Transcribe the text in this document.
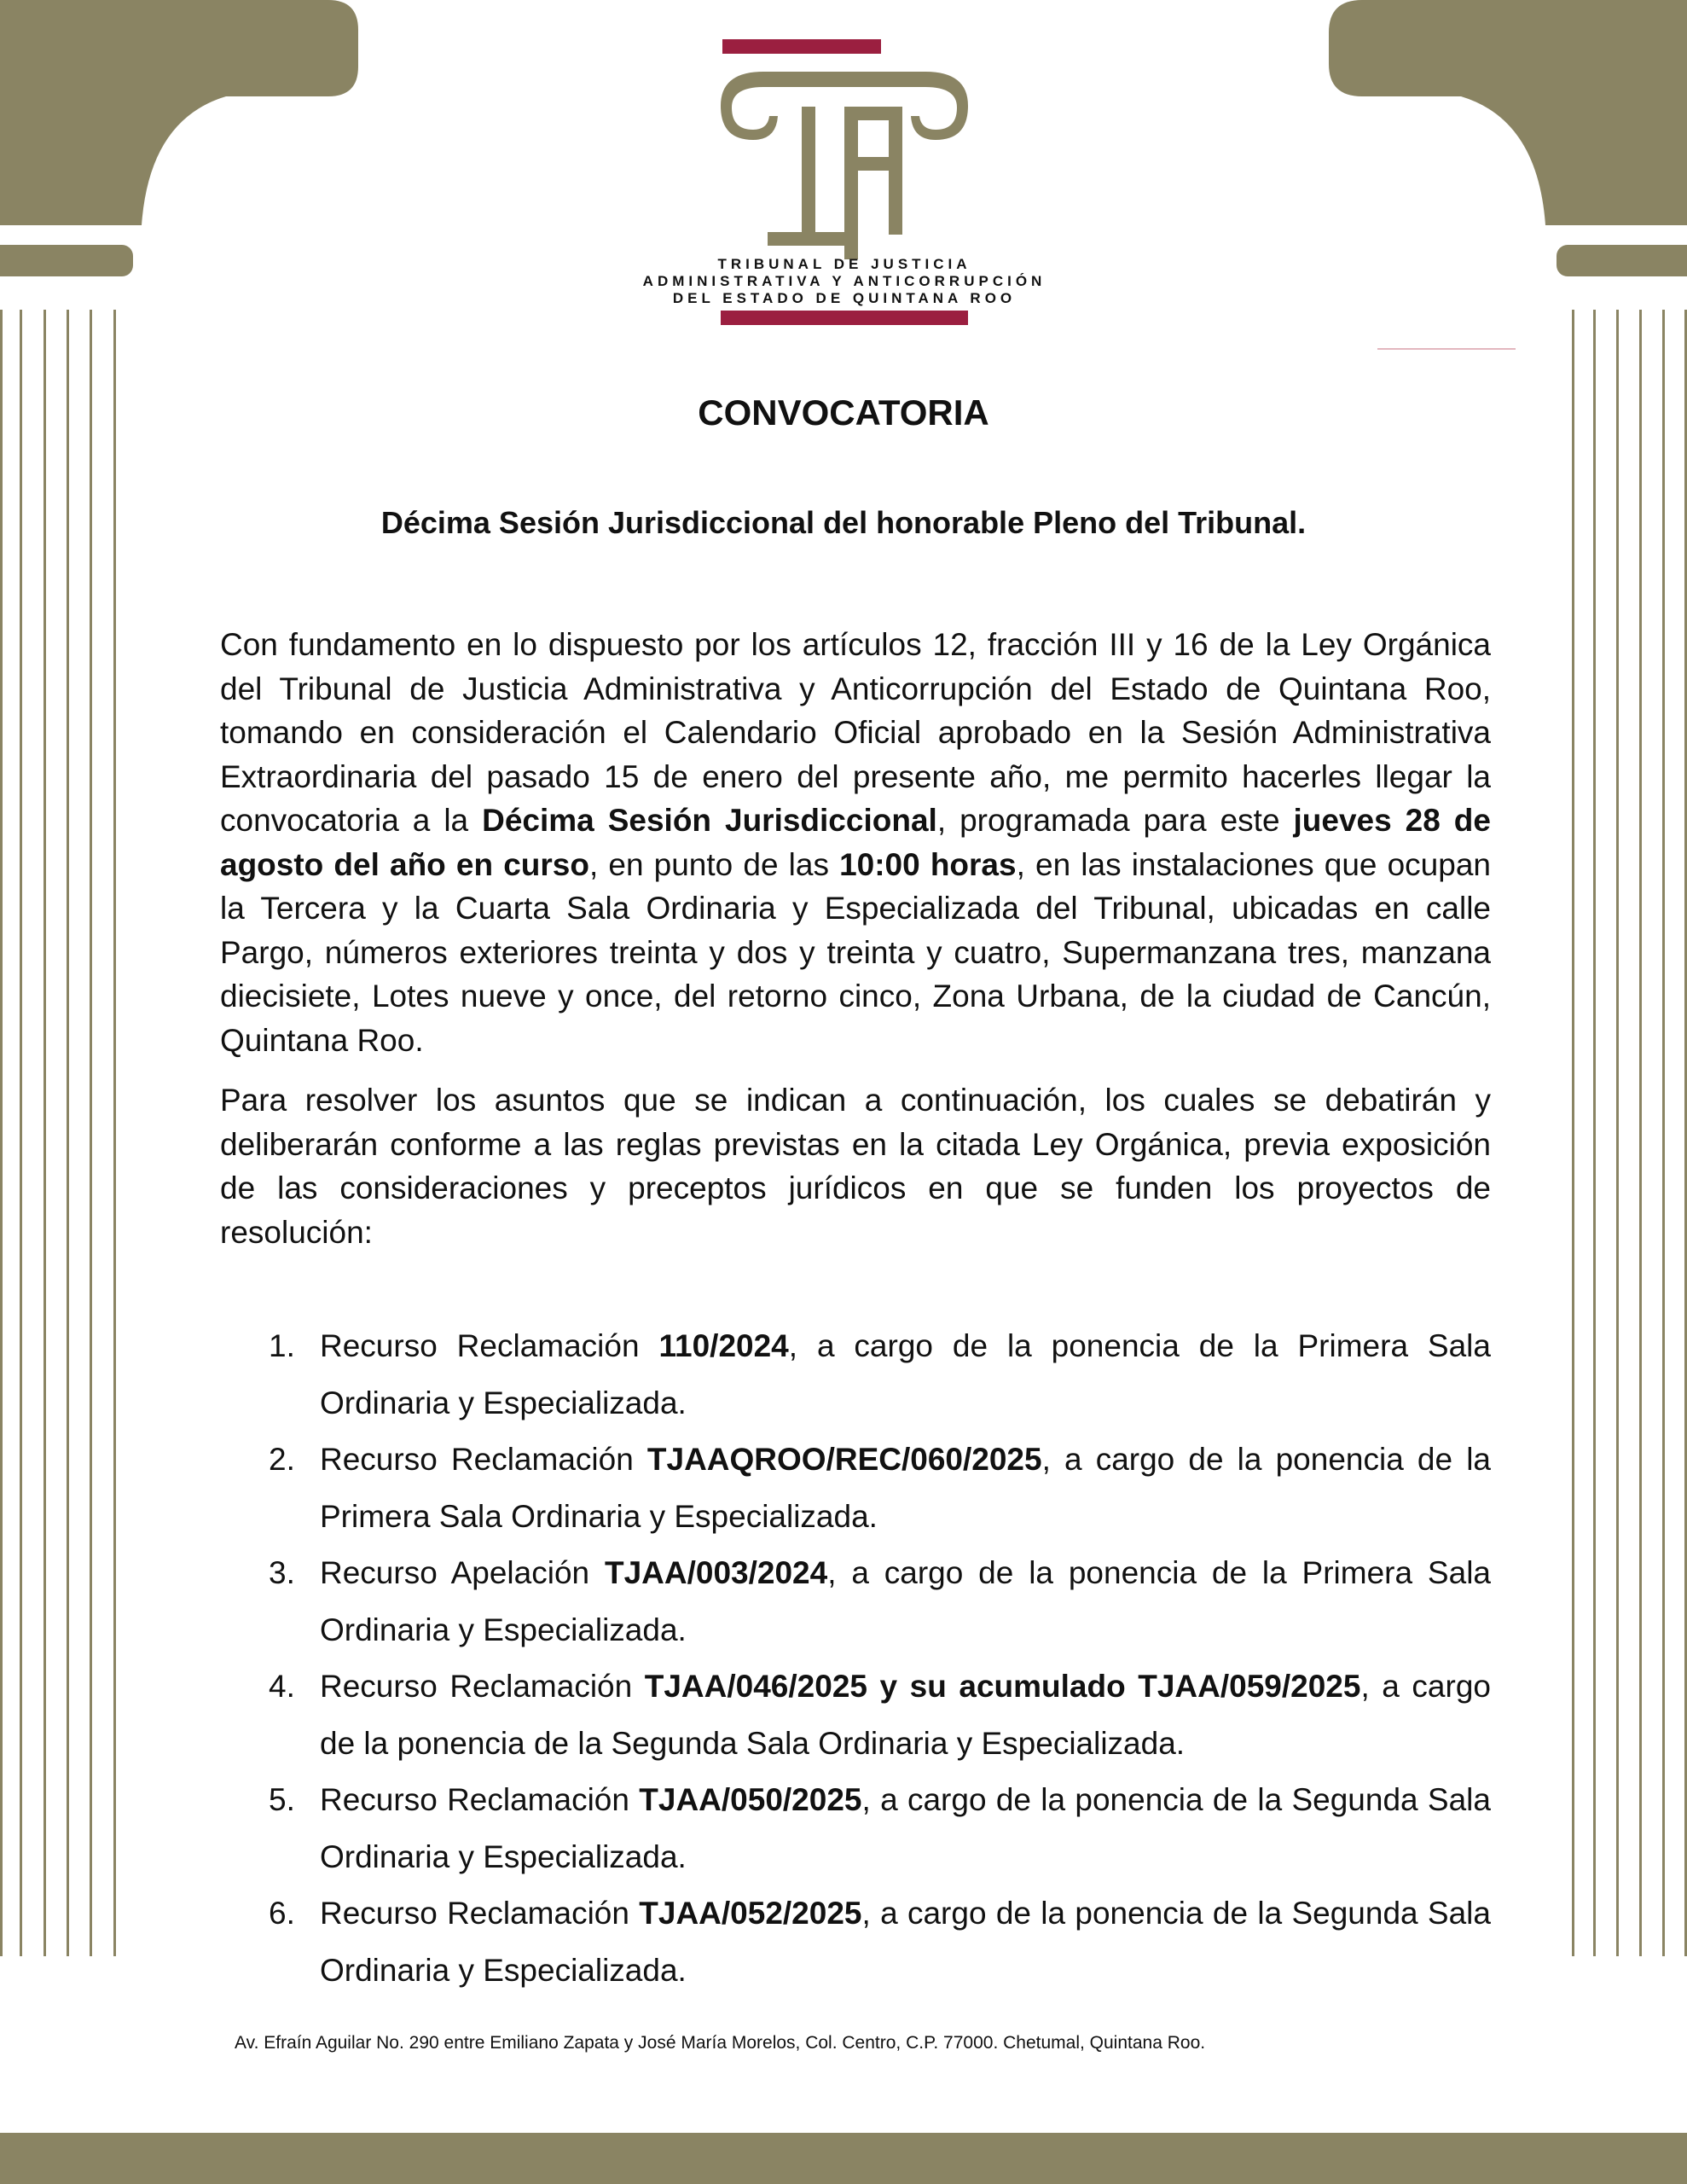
TRIBUNAL DE JUSTICIA
ADMINISTRATIVA Y ANTICORRUPCIÓN
DEL ESTADO DE QUINTANA ROO
CONVOCATORIA
Décima Sesión Jurisdiccional del honorable Pleno del Tribunal.

Con fundamento en lo dispuesto por los artículos 12, fracción III y 16 de la Ley Orgánica del Tribunal de Justicia Administrativa y Anticorrupción del Estado de Quintana Roo, tomando en consideración el Calendario Oficial aprobado en la Sesión Administrativa Extraordinaria del pasado 15 de enero del presente año, me permito hacerles llegar la convocatoria a la Décima Sesión Jurisdiccional, programada para este jueves 28 de agosto del año en curso, en punto de las 10:00 horas, en las instalaciones que ocupan la Tercera y la Cuarta Sala Ordinaria y Especializada del Tribunal, ubicadas en calle Pargo, números exteriores treinta y dos y treinta y cuatro, Supermanzana tres, manzana diecisiete, Lotes nueve y once, del retorno cinco, Zona Urbana, de la ciudad de Cancún, Quintana Roo.

Para resolver los asuntos que se indican a continuación, los cuales se debatirán y deliberarán conforme a las reglas previstas en la citada Ley Orgánica, previa exposición de las consideraciones y preceptos jurídicos en que se funden los proyectos de resolución:

1. Recurso Reclamación 110/2024, a cargo de la ponencia de la Primera Sala Ordinaria y Especializada.
2. Recurso Reclamación TJAAQROO/REC/060/2025, a cargo de la ponencia de la Primera Sala Ordinaria y Especializada.
3. Recurso Apelación TJAA/003/2024, a cargo de la ponencia de la Primera Sala Ordinaria y Especializada.
4. Recurso Reclamación TJAA/046/2025 y su acumulado TJAA/059/2025, a cargo de la ponencia de la Segunda Sala Ordinaria y Especializada.
5. Recurso Reclamación TJAA/050/2025, a cargo de la ponencia de la Segunda Sala Ordinaria y Especializada.
6. Recurso Reclamación TJAA/052/2025, a cargo de la ponencia de la Segunda Sala Ordinaria y Especializada.
Av. Efraín Aguilar No. 290 entre Emiliano Zapata y José María Morelos, Col. Centro, C.P. 77000. Chetumal, Quintana Roo.
